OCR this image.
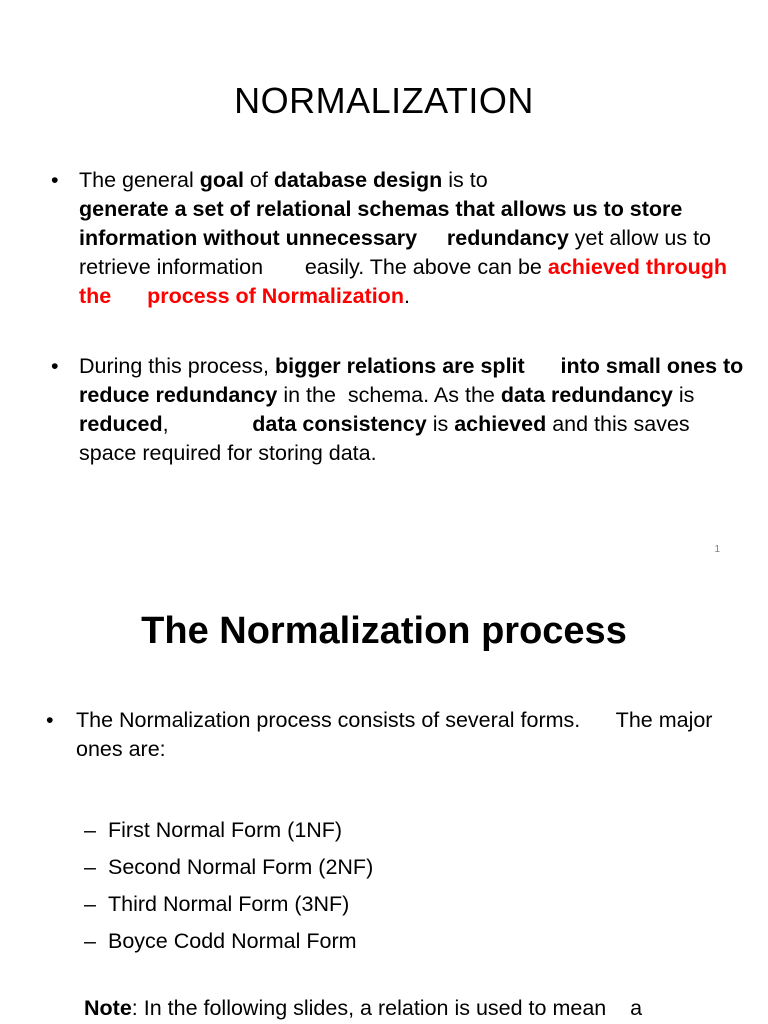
NORMALIZATION
• The general goal of database design is to
generate a set of relational schemas that allows us to store information without unnecessary     redundancy yet allow us to retrieve information       easily. The above can be achieved through the      process of Normalization.
• During this process, bigger relations are split      into small ones to reduce redundancy in the  schema. As the data redundancy is reduced,              data consistency is achieved and this saves     space required for storing data.
1
The Normalization process
• The Normalization process consists of several forms.      The major ones are:
– First Normal Form (1NF)
– Second Normal Form (2NF)
– Third Normal Form (3NF)
– Boyce Codd Normal Form
Note: In the following slides, a relation is used to mean    a
